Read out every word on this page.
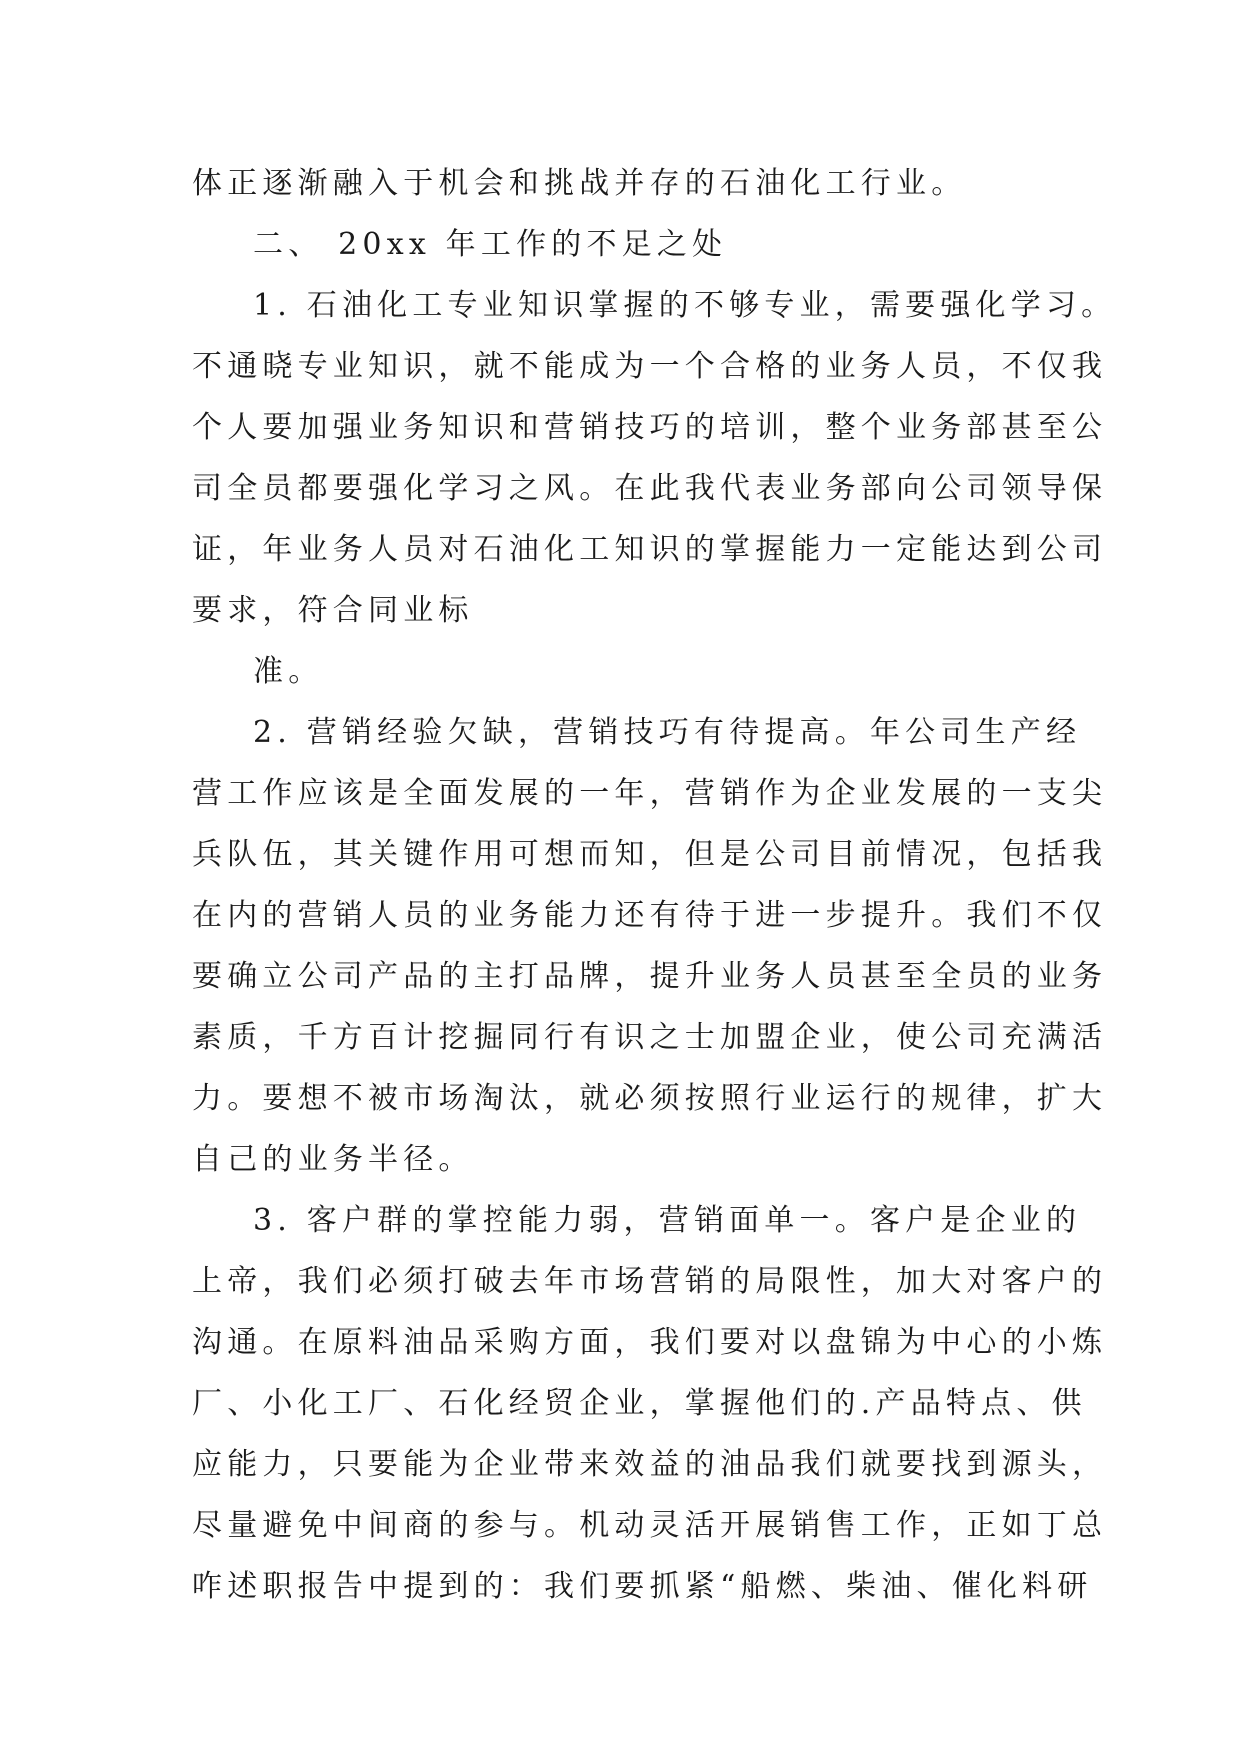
体正逐渐融入于机会和挑战并存的石油化工行业。
二、 20xx 年工作的不足之处
1. 石油化工专业知识掌握的不够专业，需要强化学习。
不通晓专业知识，就不能成为一个合格的业务人员，不仅我
个人要加强业务知识和营销技巧的培训，整个业务部甚至公
司全员都要强化学习之风。在此我代表业务部向公司领导保
证，年业务人员对石油化工知识的掌握能力一定能达到公司
要求，符合同业标
准。
2. 营销经验欠缺，营销技巧有待提高。年公司生产经
营工作应该是全面发展的一年，营销作为企业发展的一支尖
兵队伍，其关键作用可想而知，但是公司目前情况，包括我
在内的营销人员的业务能力还有待于进一步提升。我们不仅
要确立公司产品的主打品牌，提升业务人员甚至全员的业务
素质，千方百计挖掘同行有识之士加盟企业，使公司充满活
力。要想不被市场淘汰，就必须按照行业运行的规律，扩大
自己的业务半径。
3. 客户群的掌控能力弱，营销面单一。客户是企业的
上帝，我们必须打破去年市场营销的局限性，加大对客户的
沟通。在原料油品采购方面，我们要对以盘锦为中心的小炼
厂、小化工厂、石化经贸企业，掌握他们的.产品特点、供
应能力，只要能为企业带来效益的油品我们就要找到源头，
尽量避免中间商的参与。机动灵活开展销售工作，正如丁总
咋述职报告中提到的：我们要抓紧“船燃、柴油、催化料研
